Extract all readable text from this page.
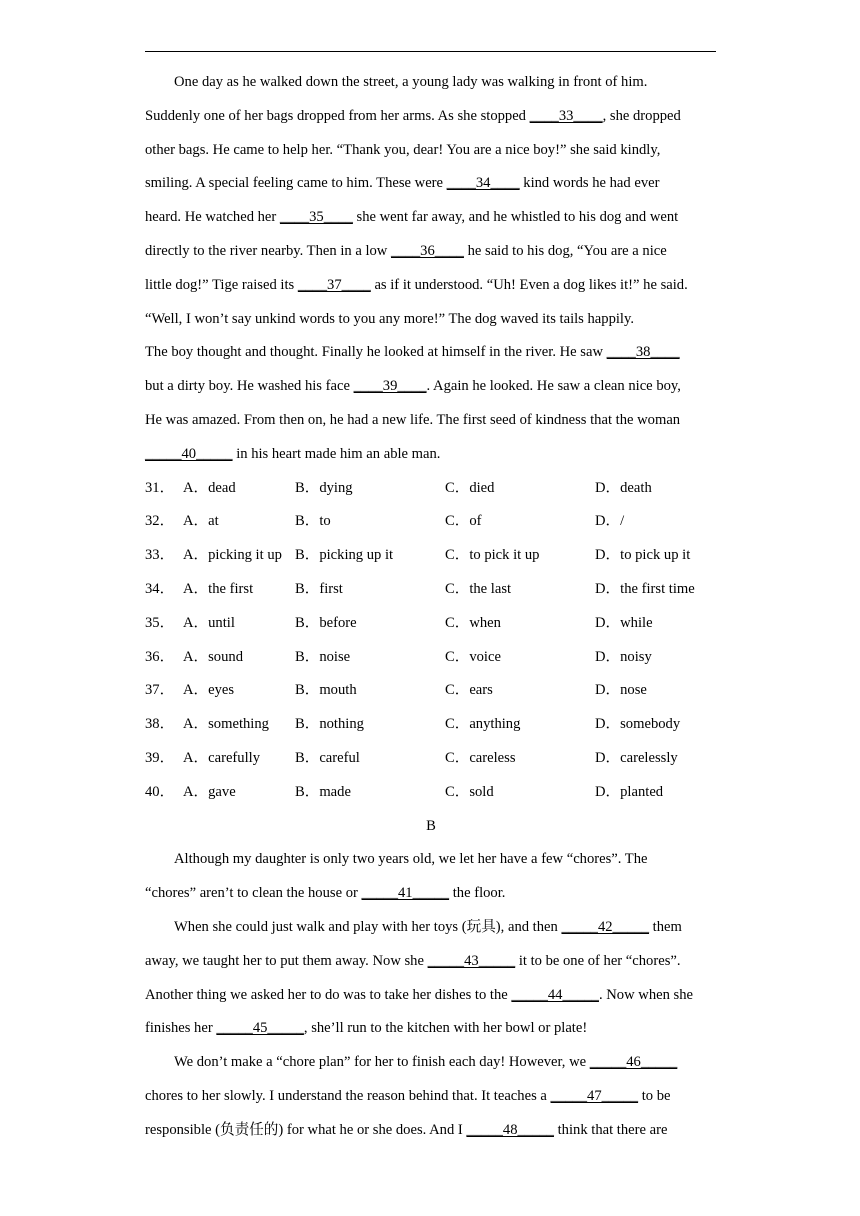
One day as he walked down the street, a young lady was walking in front of him.
Suddenly one of her bags dropped from her arms. As she stopped ____33____, she dropped
other bags. He came to help her. “Thank you, dear! You are a nice boy!” she said kindly,
smiling. A special feeling came to him. These were ____34____ kind words he had ever
heard. He watched her ____35____ she went far away, and he whistled to his dog and went
directly to the river nearby. Then in a low ____36____ he said to his dog, “You are a nice
little dog!” Tige raised its ____37____ as if it understood. “Uh! Even a dog likes it!” he said.
“Well, I won’t say unkind words to you any more!” The dog waved its tails happily.
The boy thought and thought. Finally he looked at himself in the river. He saw ____38____
but a dirty boy. He washed his face ____39____. Again he looked. He saw a clean nice boy,
He was amazed. From then on, he had a new life. The first seed of kindness that the woman
_____40_____ in his heart made him an able man.
31． A．dead	B．dying	C．died	D．death
32． A．at	B．to	C．of	D．/
33． A．picking it up B．picking up it	C．to pick it up	D．to pick up it
34． A．the first	B．first	C．the last	D．the first time
35． A．until	B．before	C．when	D．while
36． A．sound	B．noise	C．voice	D．noisy
37． A．eyes	B．mouth	C．ears	D．nose
38． A．something	B．nothing	C．anything	D．somebody
39． A．carefully	B．careful	C．careless	D．carelessly
40． A．gave	B．made	C．sold	D．planted
B
Although my daughter is only two years old, we let her have a few “chores”. The
“chores” aren’t to clean the house or _____41_____ the floor.
When she could just walk and play with her toys (玩具), and then _____42_____ them
away, we taught her to put them away. Now she _____43_____ it to be one of her “chores”.
Another thing we asked her to do was to take her dishes to the _____44_____. Now when she
finishes her _____45_____, she’ll run to the kitchen with her bowl or plate!
We don’t make a “chore plan” for her to finish each day! However, we _____46_____
chores to her slowly. I understand the reason behind that. It teaches a _____47_____ to be
responsible (负责任的) for what he or she does. And I _____48_____ think that there are
